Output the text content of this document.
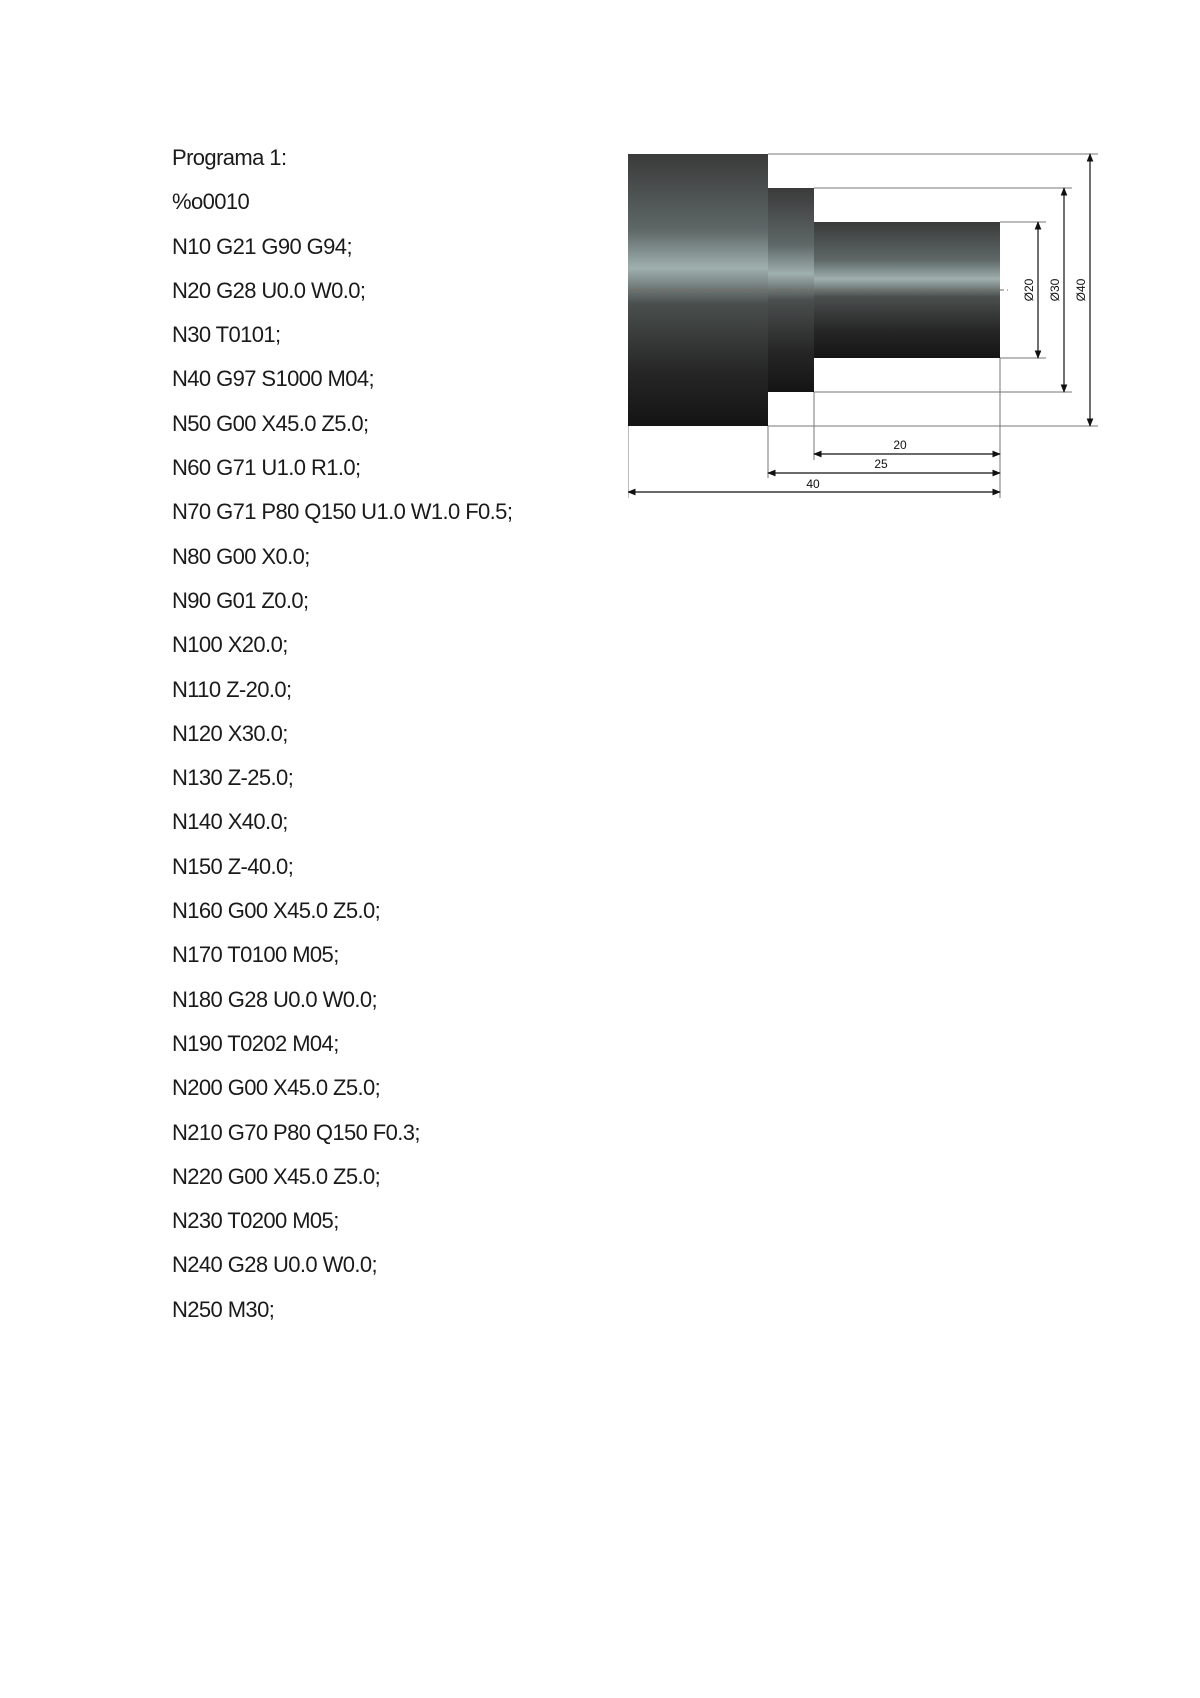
Programa 1:
%o0010
N10 G21 G90 G94;
N20 G28 U0.0 W0.0;
N30 T0101;
N40 G97 S1000 M04;
N50 G00 X45.0 Z5.0;
N60 G71 U1.0 R1.0;
N70 G71 P80 Q150 U1.0 W1.0 F0.5;
N80 G00 X0.0;
N90 G01 Z0.0;
N100 X20.0;
N110 Z-20.0;
N120 X30.0;
N130 Z-25.0;
N140 X40.0;
N150 Z-40.0;
N160 G00 X45.0 Z5.0;
N170 T0100 M05;
N180 G28 U0.0 W0.0;
N190 T0202 M04;
N200 G00 X45.0 Z5.0;
N210 G70 P80 Q150 F0.3;
N220 G00 X45.0 Z5.0;
N230 T0200 M05;
N240 G28 U0.0 W0.0;
N250 M30;
20
25
40
Ø20 Ø30 Ø40
